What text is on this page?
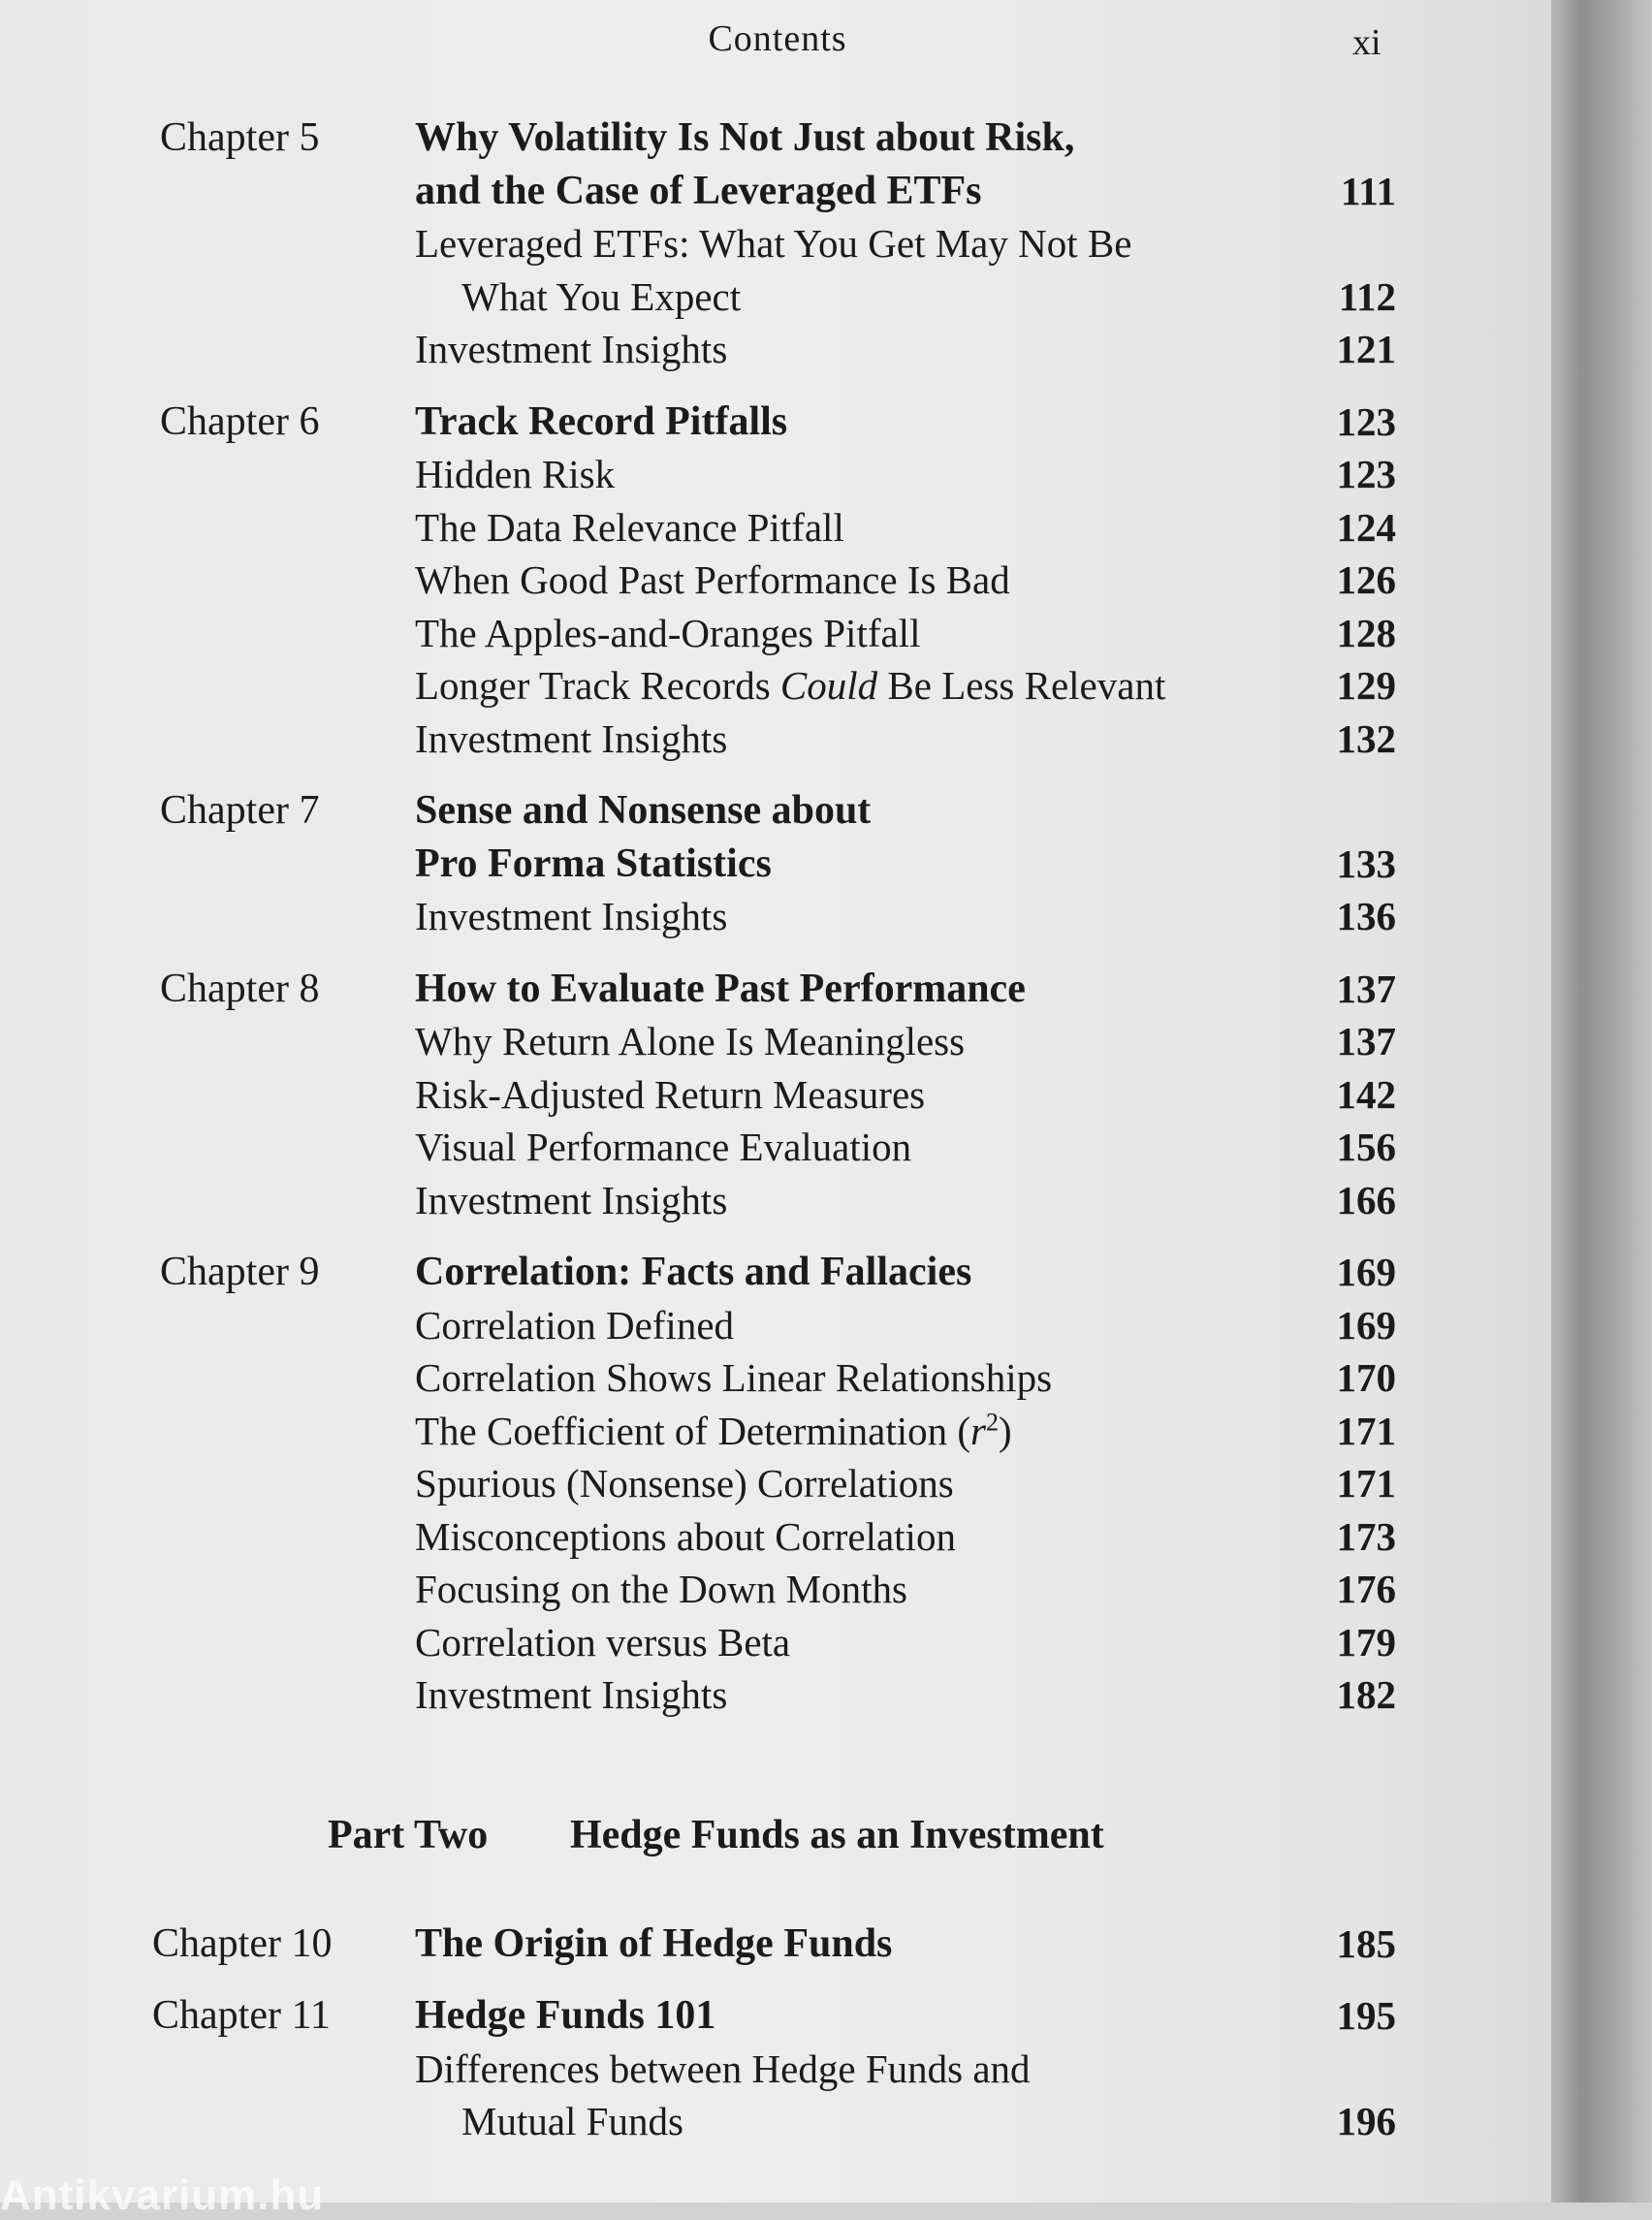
Contents	xi
Chapter 5 Why Volatility Is Not Just about Risk,
and the Case of Leveraged ETFs	111
Leveraged ETFs: What You Get May Not Be
What You Expect	112
Investment Insights	121
Chapter 6 Track Record Pitfalls	123
Hidden Risk	123
The Data Relevance Pitfall	124
When Good Past Performance Is Bad	126
The Apples-and-Oranges Pitfall	128
Longer Track Records Could Be Less Relevant	129
Investment Insights	132
Chapter 7 Sense and Nonsense about
Pro Forma Statistics	133
Investment Insights	136
Chapter 8 How to Evaluate Past Performance	137
Why Return Alone Is Meaningless	137
Risk-Adjusted Return Measures	142
Visual Performance Evaluation	156
Investment Insights	166
Chapter 9 Correlation: Facts and Fallacies	169
Correlation Defined	169
Correlation Shows Linear Relationships	170
The Coefficient of Determination $(r^2)$	171
Spurious (Nonsense) Correlations	171
Misconceptions about Correlation	173
Focusing on the Down Months	176
Correlation versus Beta	179
Investment Insights	182
Part Two Hedge Funds as an Investment
Chapter 10 The Origin of Hedge Funds	185
Chapter 11 Hedge Funds 101	195
Differences between Hedge Funds and
Mutual Funds	196
Antikvarium.hu
